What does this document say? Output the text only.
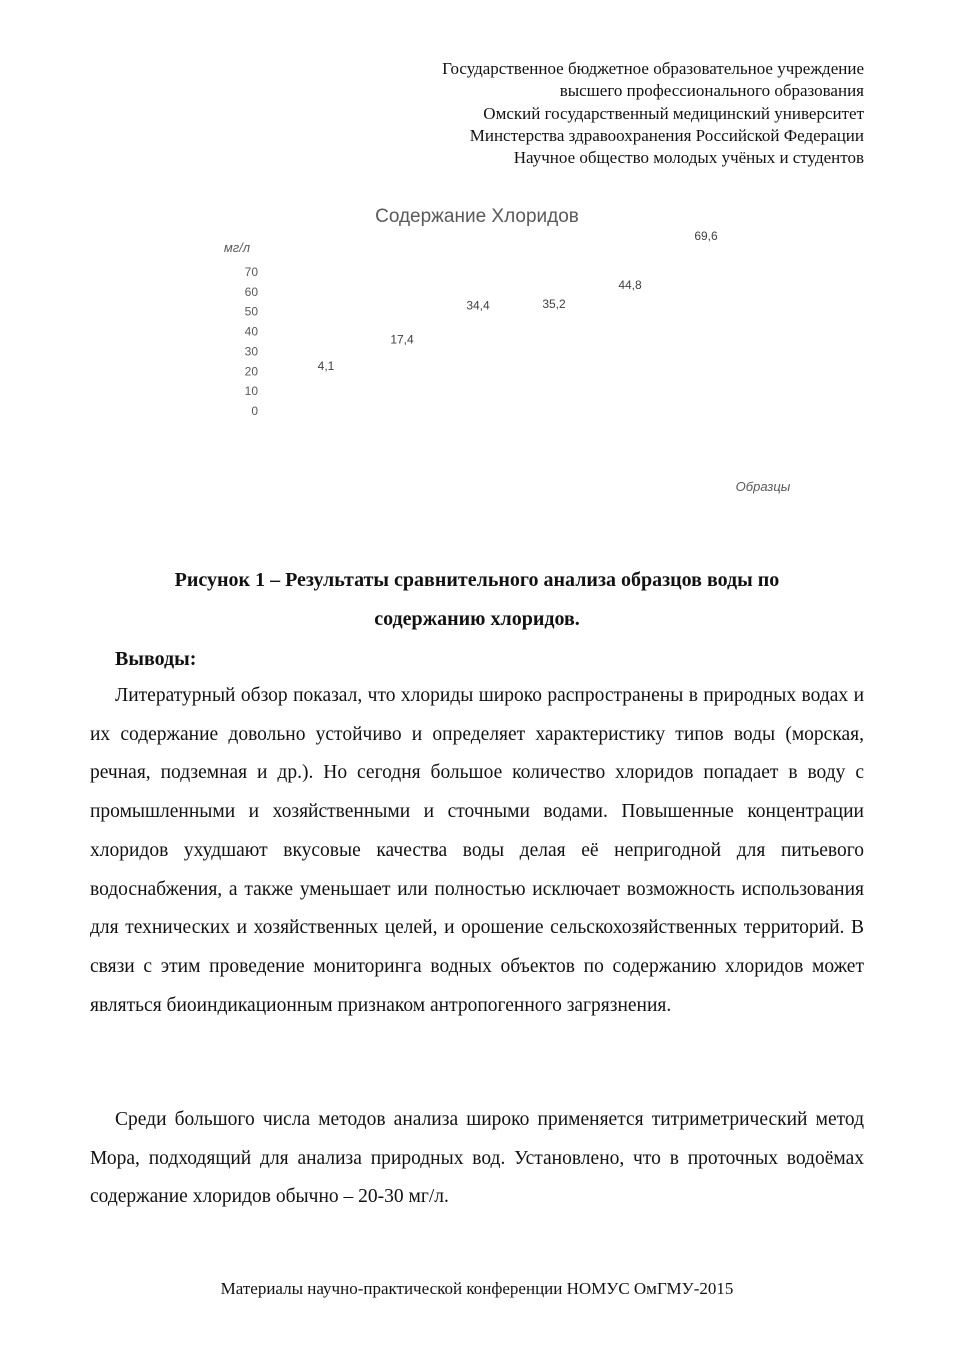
Государственное бюджетное образовательное учреждение
высшего профессионального образования
Омский государственный медицинский университет
Минстерства здравоохранения Российской Федерации
Научное общество молодых учёных и студентов
Содержание Хлоридов
мг/л
Образцы
0
10
20
30
40
50
60
70
4,1
17,4
34,4	35,2
44,8
69,6
Рисунок 1 – Результаты сравнительного анализа образцов воды по
содержанию хлоридов.
Выводы:

Литературный обзор показал, что хлориды широко распространены в природных водах и их содержание довольно устойчиво и определяет характеристику типов воды (морская, речная, подземная и др.). Но сегодня большое количество хлоридов попадает в воду с промышленными и хозяйственными и сточными водами. Повышенные концентрации хлоридов ухудшают вкусовые качества воды делая её непригодной для питьевого водоснабжения, а также уменьшает или полностью исключает возможность использования для технических и хозяйственных целей, и орошение сельскохозяйственных территорий. В связи с этим проведение мониторинга водных объектов по содержанию хлоридов может являться биоиндикационным признаком антропогенного загрязнения.

Среди большого числа методов анализа широко применяется титриметрический метод Мора, подходящий для анализа природных вод. Установлено, что в проточных водоёмах содержание хлоридов обычно – 20-30 мг/л.

Материалы научно-практической конференции НОМУС ОмГМУ-2015
